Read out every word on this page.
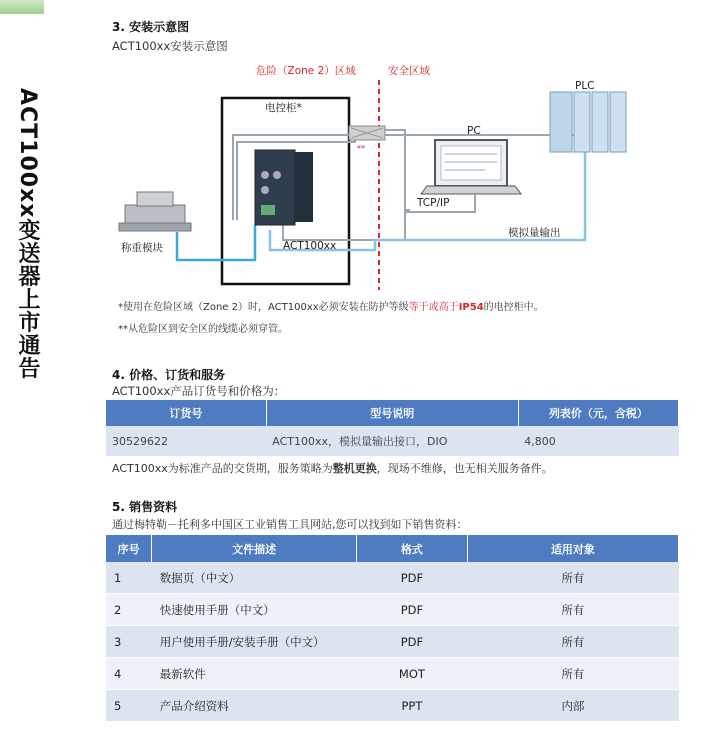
ACT100xx变送器上市通告
3. 安装示意图
ACT100xx安装示意图
危险（Zone 2）区域	安全区域
电控柜*
PLC
PC
称重模块	ACT100xx
TCP/IP
模拟量输出
**
*使用在危险区域（Zone 2）时，ACT100xx必须安装在防护等级等于或高于IP54的电控柜中。
**从危险区到安全区的线缆必须穿管。
4. 价格、订货和服务
ACT100xx产品订货号和价格为：
订货号	型号说明	列表价（元，含税）
30529622	ACT100xx，模拟量输出接口，DIO	4,800
ACT100xx为标准产品的交货期，服务策略为整机更换，现场不维修，也无相关服务备件。
5. 销售资料
通过梅特勒－托利多中国区工业销售工具网站,您可以找到如下销售资料：
序号	文件描述	格式	适用对象
1	数据页（中文）	PDF	所有
2	快速使用手册（中文）	PDF	所有
3	用户使用手册/安装手册（中文）	PDF	所有
4	最新软件	MOT	所有
5	产品介绍资料	PPT	内部
